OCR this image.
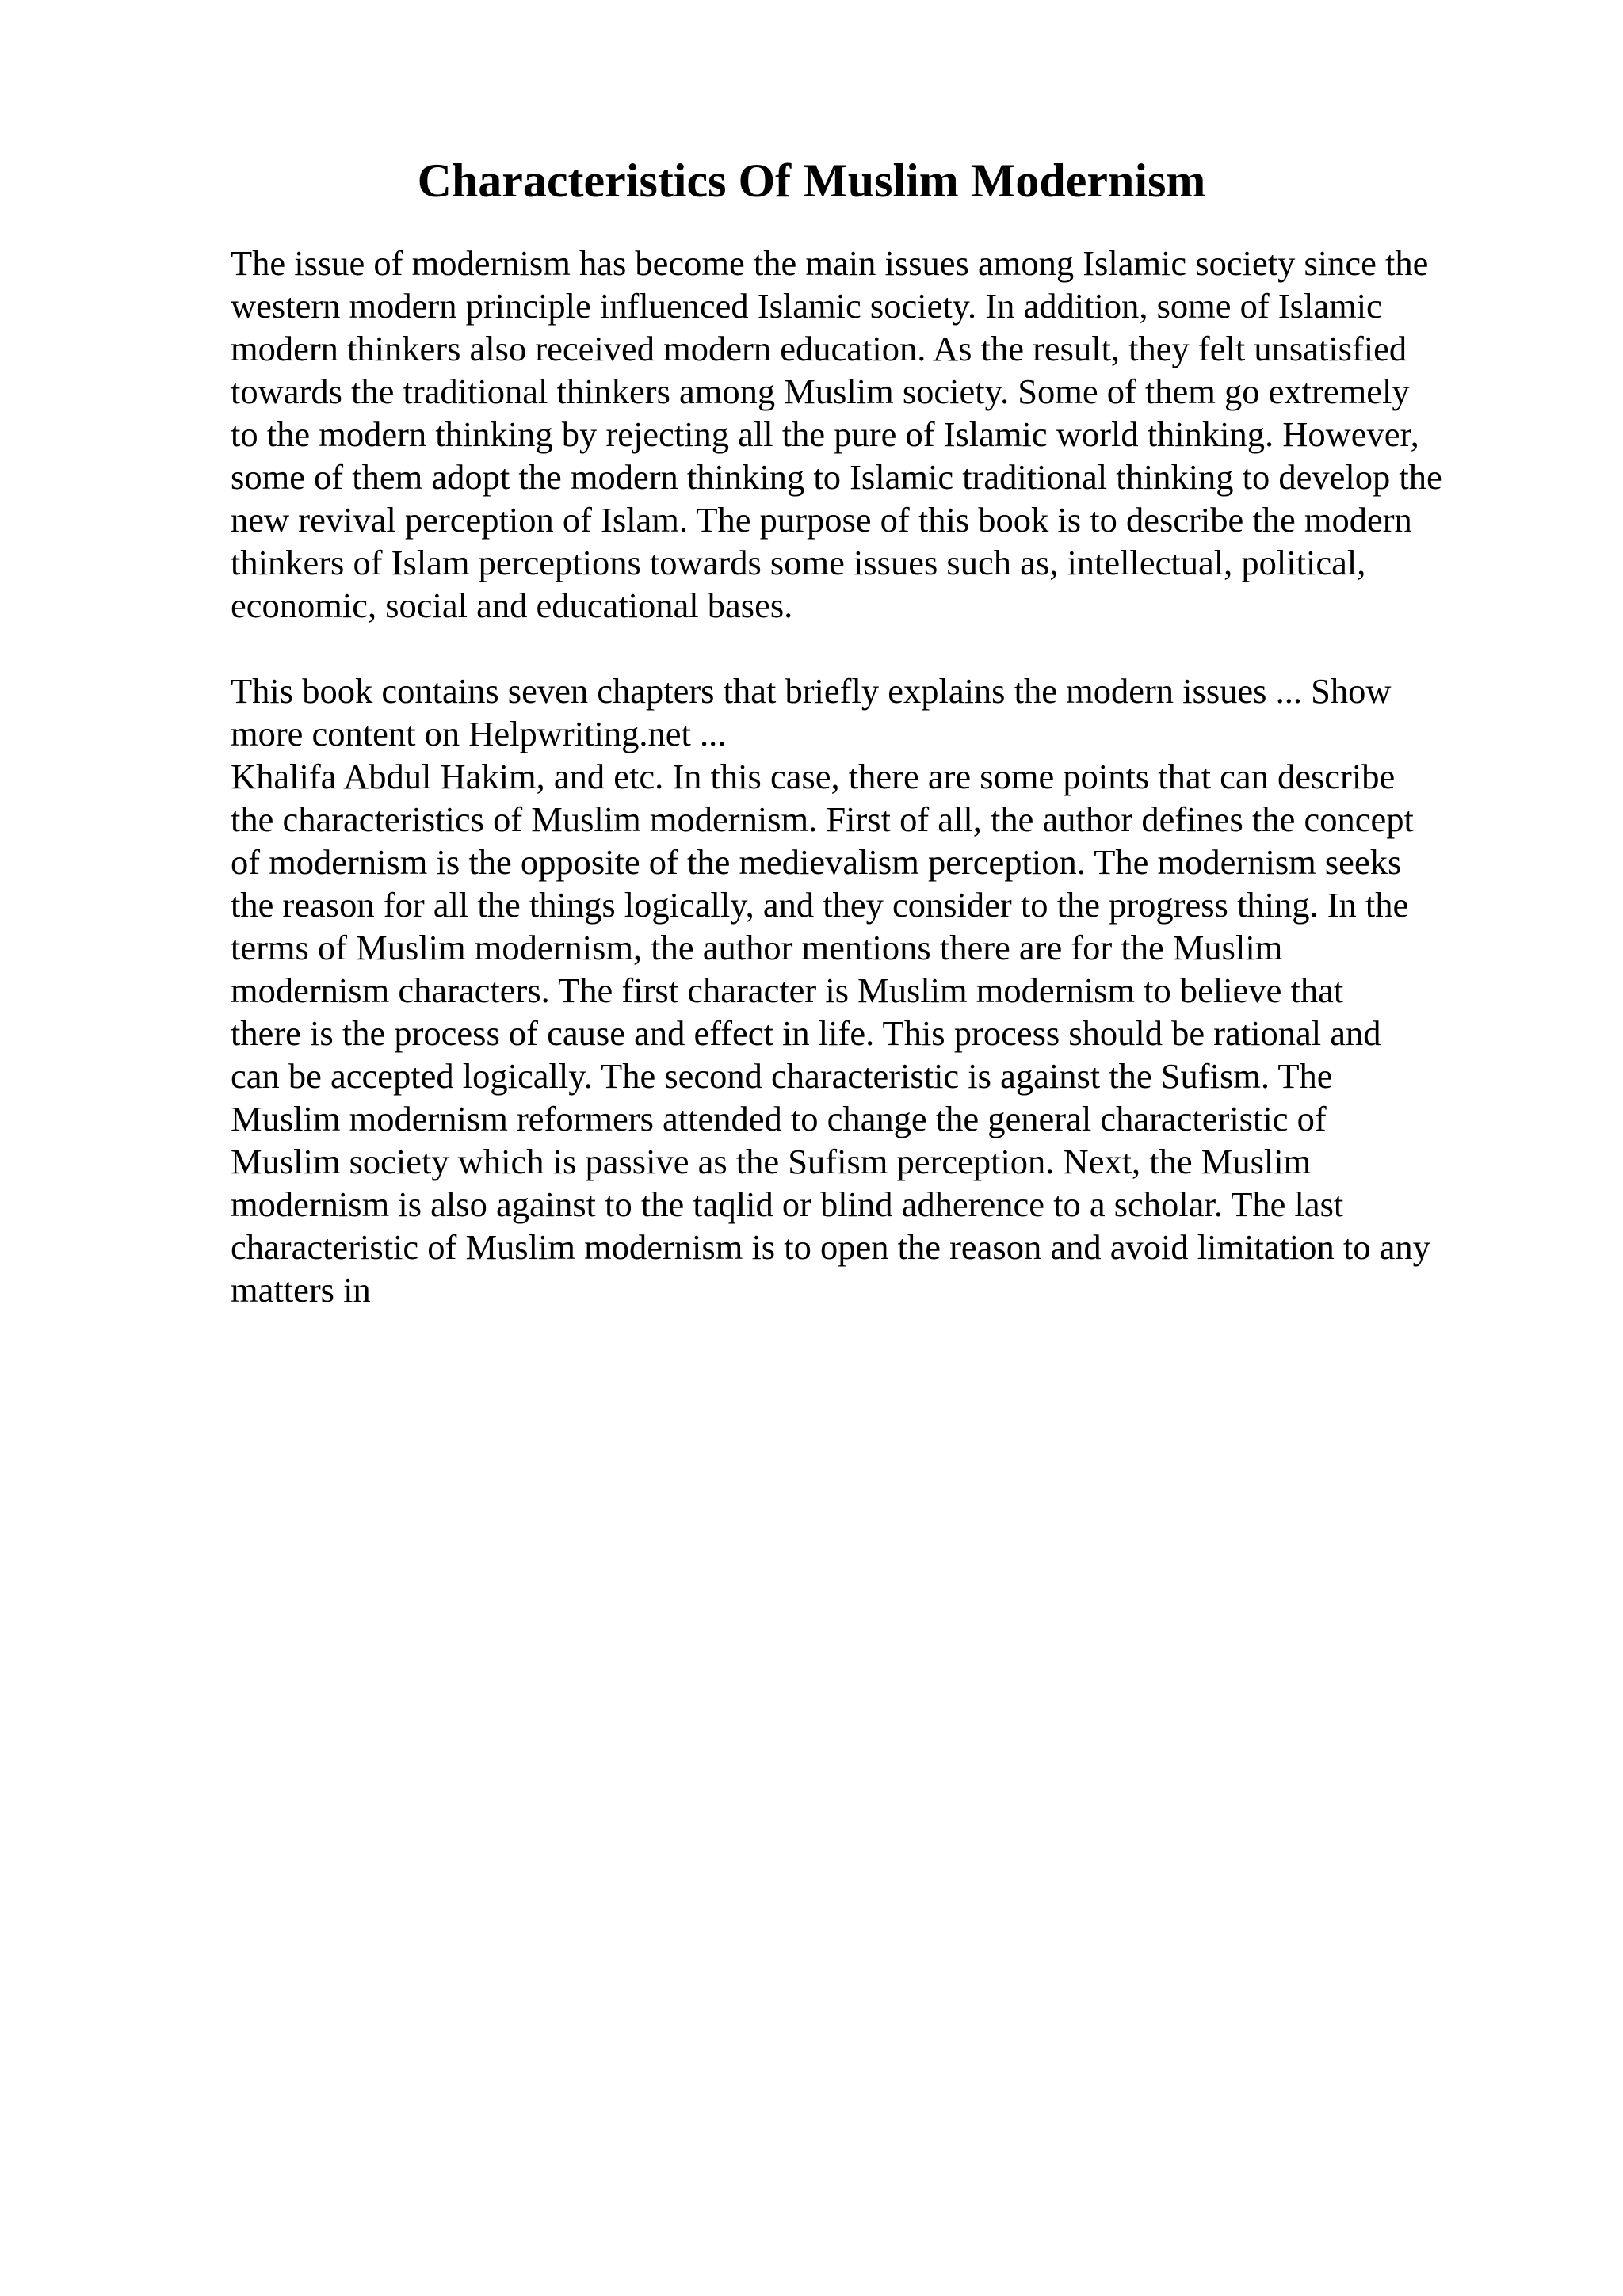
Characteristics Of Muslim Modernism
The issue of modernism has become the main issues among Islamic society since the
western modern principle influenced Islamic society. In addition, some of Islamic
modern thinkers also received modern education. As the result, they felt unsatisfied
towards the traditional thinkers among Muslim society. Some of them go extremely
to the modern thinking by rejecting all the pure of Islamic world thinking. However,
some of them adopt the modern thinking to Islamic traditional thinking to develop the
new revival perception of Islam. The purpose of this book is to describe the modern
thinkers of Islam perceptions towards some issues such as, intellectual, political,
economic, social and educational bases.
This book contains seven chapters that briefly explains the modern issues ... Show
more content on Helpwriting.net ...
Khalifa Abdul Hakim, and etc. In this case, there are some points that can describe
the characteristics of Muslim modernism. First of all, the author defines the concept
of modernism is the opposite of the medievalism perception. The modernism seeks
the reason for all the things logically, and they consider to the progress thing. In the
terms of Muslim modernism, the author mentions there are for the Muslim
modernism characters. The first character is Muslim modernism to believe that
there is the process of cause and effect in life. This process should be rational and
can be accepted logically. The second characteristic is against the Sufism. The
Muslim modernism reformers attended to change the general characteristic of
Muslim society which is passive as the Sufism perception. Next, the Muslim
modernism is also against to the taqlid or blind adherence to a scholar. The last
characteristic of Muslim modernism is to open the reason and avoid limitation to any
matters in
